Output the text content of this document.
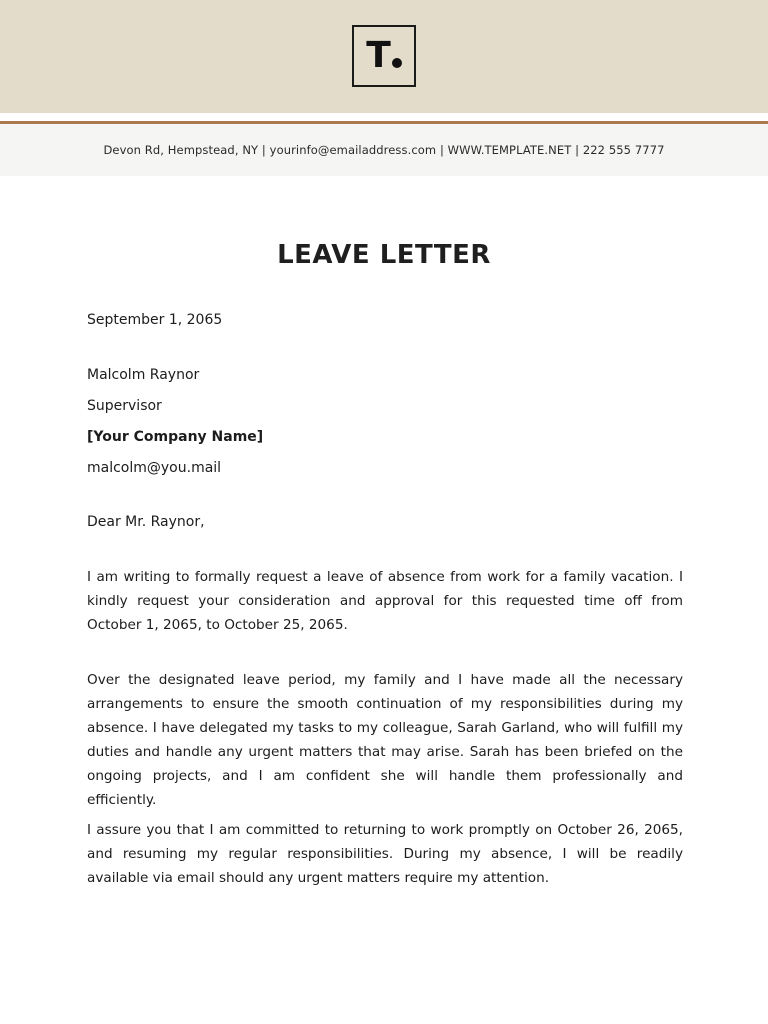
T
Devon Rd, Hempstead, NY | yourinfo@emailaddress.com | WWW.TEMPLATE.NET | 222 555 7777
LEAVE LETTER
September 1, 2065
Malcolm Raynor
Supervisor
[Your Company Name]
malcolm@you.mail
Dear Mr. Raynor,

I am writing to formally request a leave of absence from work for a family vacation. I kindly request your consideration and approval for this requested time off from October 1, 2065, to October 25, 2065.

Over the designated leave period, my family and I have made all the necessary arrangements to ensure the smooth continuation of my responsibilities during my absence. I have delegated my tasks to my colleague, Sarah Garland, who will fulfill my duties and handle any urgent matters that may arise. Sarah has been briefed on the ongoing projects, and I am confident she will handle them professionally and efficiently.

I assure you that I am committed to returning to work promptly on October 26, 2065, and resuming my regular responsibilities. During my absence, I will be readily available via email should any urgent matters require my attention.
